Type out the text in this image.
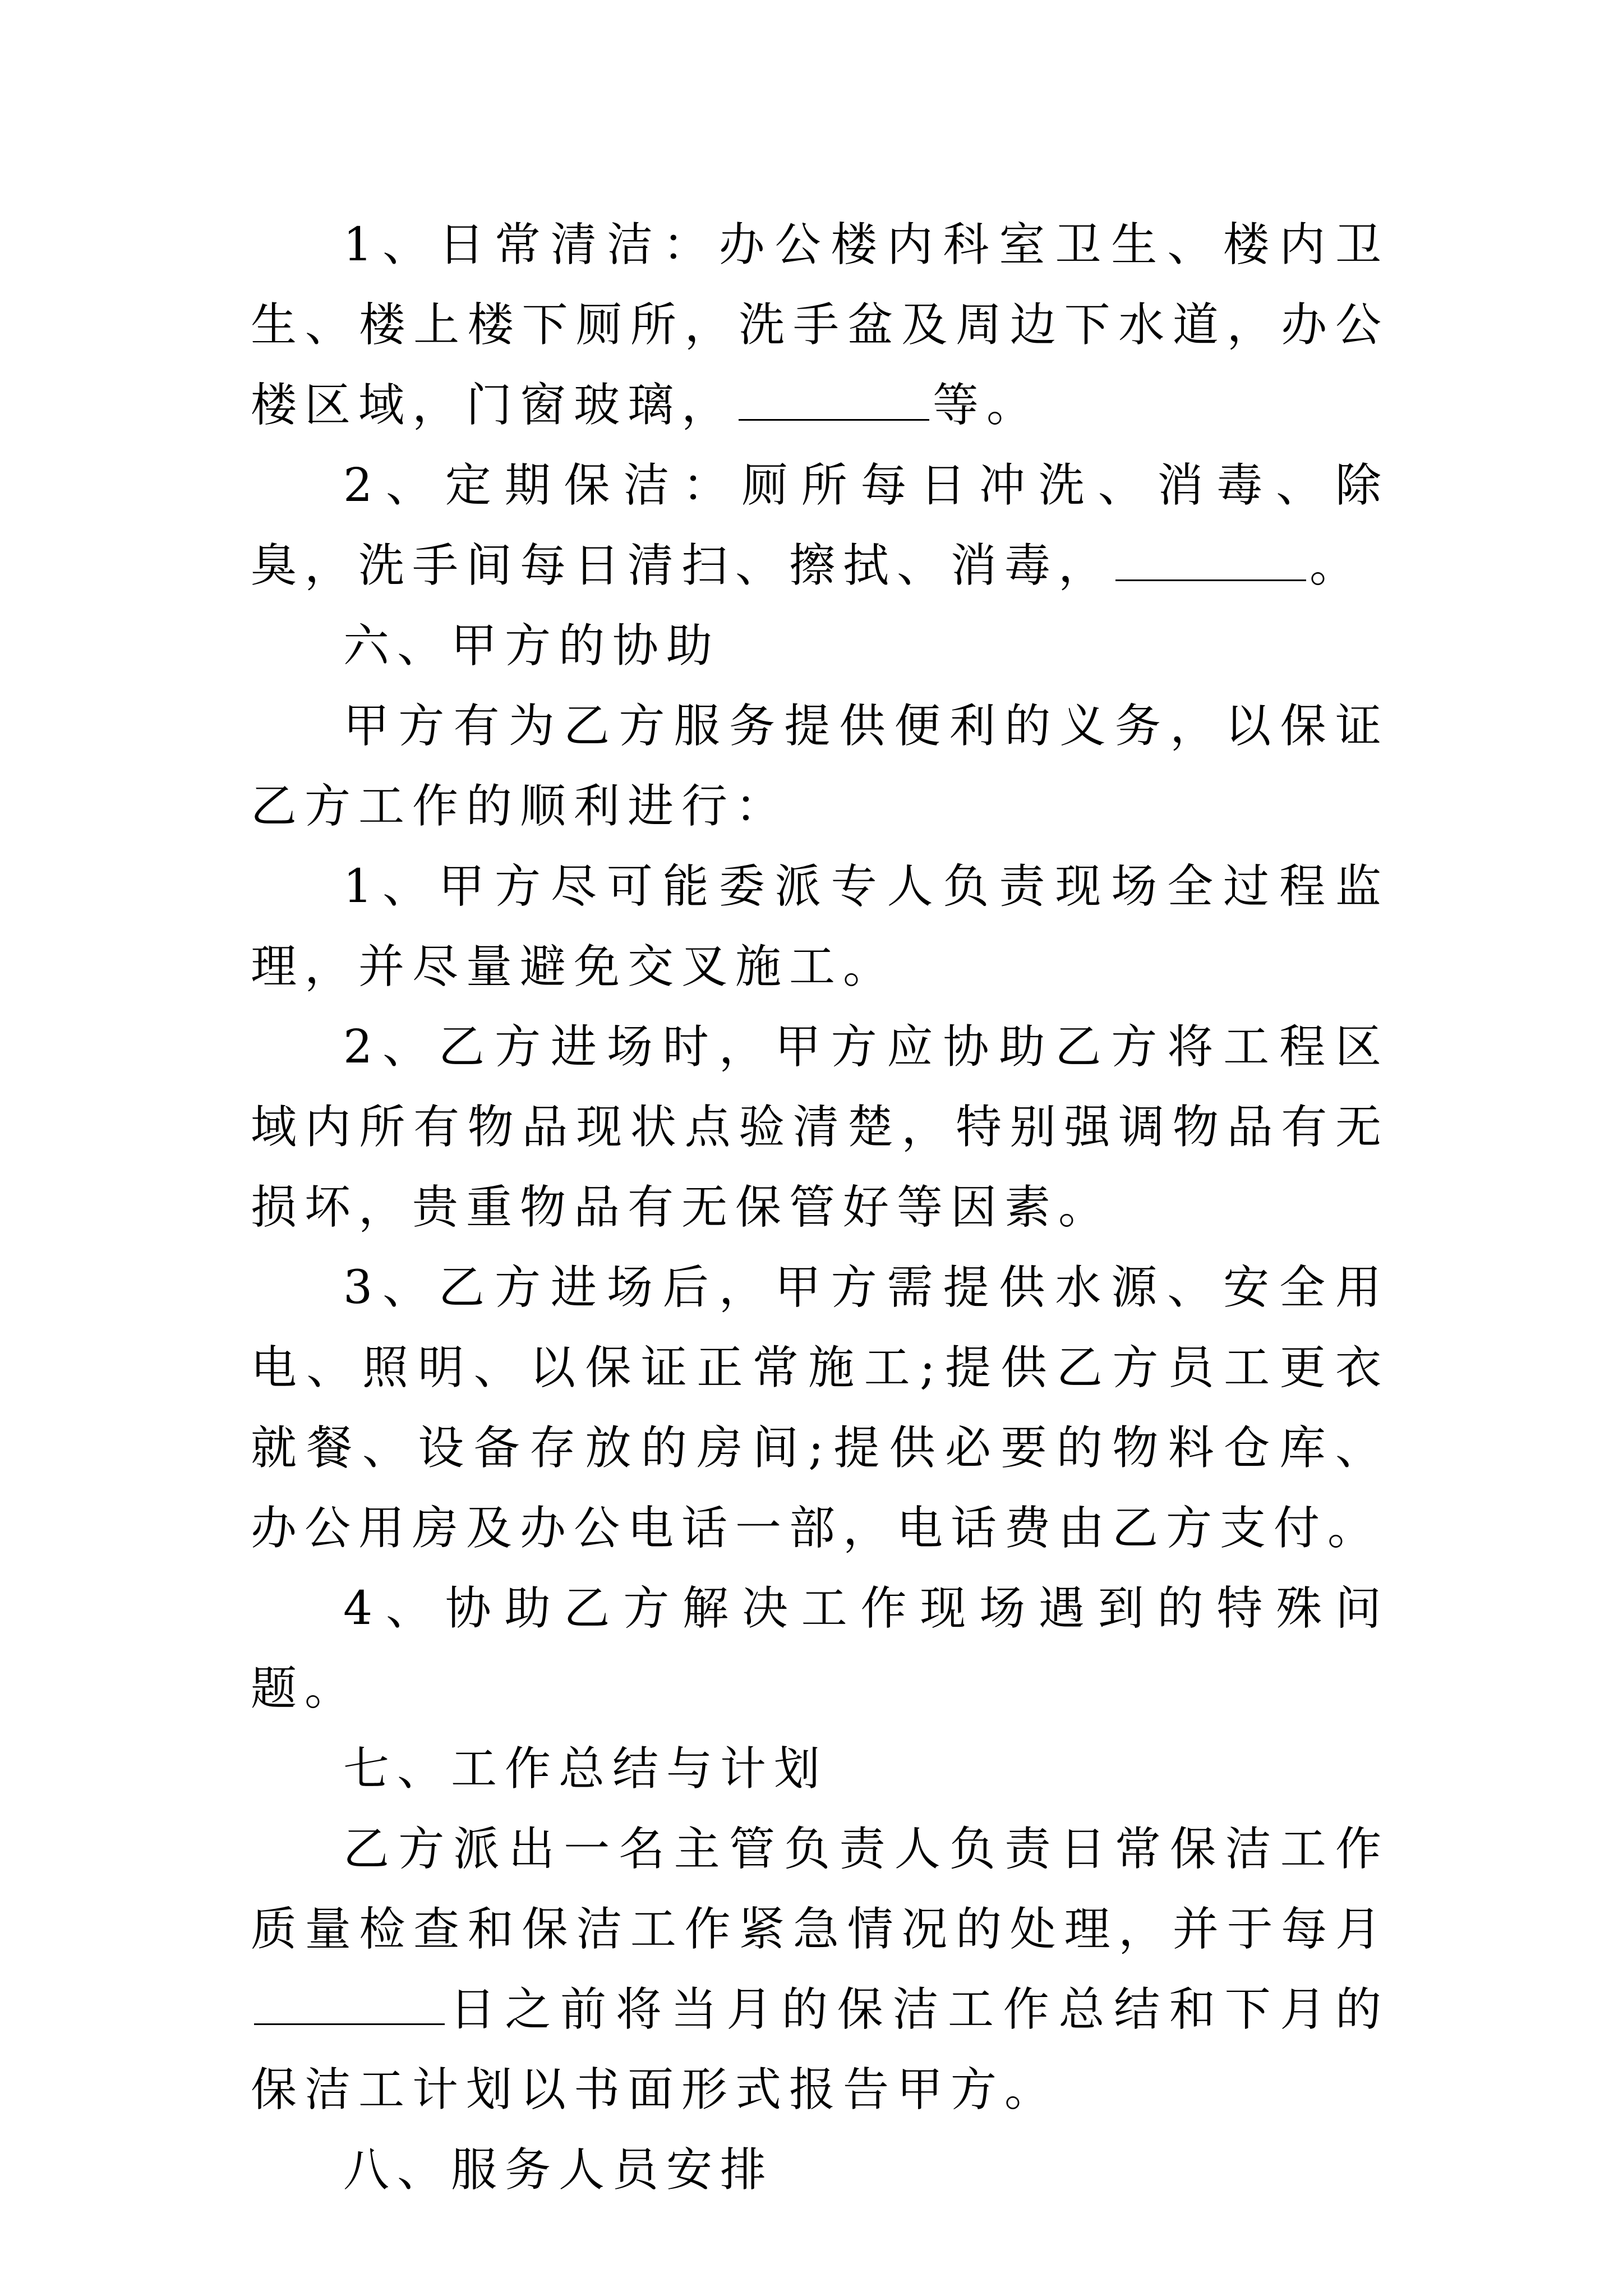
1、日常清洁：办公楼内科室卫生、楼内卫生、楼上楼下厕所，洗手盆及周边下水道，办公楼区域，门窗玻璃，	等。

2、定期保洁：厕所每日冲洗、消毒、除臭，洗手间每日清扫、擦拭、消毒，	。

六、甲方的协助

甲方有为乙方服务提供便利的义务，以保证乙方工作的顺利进行：

1、甲方尽可能委派专人负责现场全过程监理，并尽量避免交叉施工。

2、乙方进场时，甲方应协助乙方将工程区域内所有物品现状点验清楚，特别强调物品有无损坏，贵重物品有无保管好等因素。

3、乙方进场后，甲方需提供水源、安全用电、照明、以保证正常施工;提供乙方员工更衣就餐、设备存放的房间;提供必要的物料仓库、办公用房及办公电话一部，电话费由乙方支付。

4、协助乙方解决工作现场遇到的特殊问题。

七、工作总结与计划

乙方派出一名主管负责人负责日常保洁工作质量检查和保洁工作紧急情况的处理，并于每月日之前将当月的保洁工作总结和下月的保洁工计划以书面形式报告甲方。

八、服务人员安排
